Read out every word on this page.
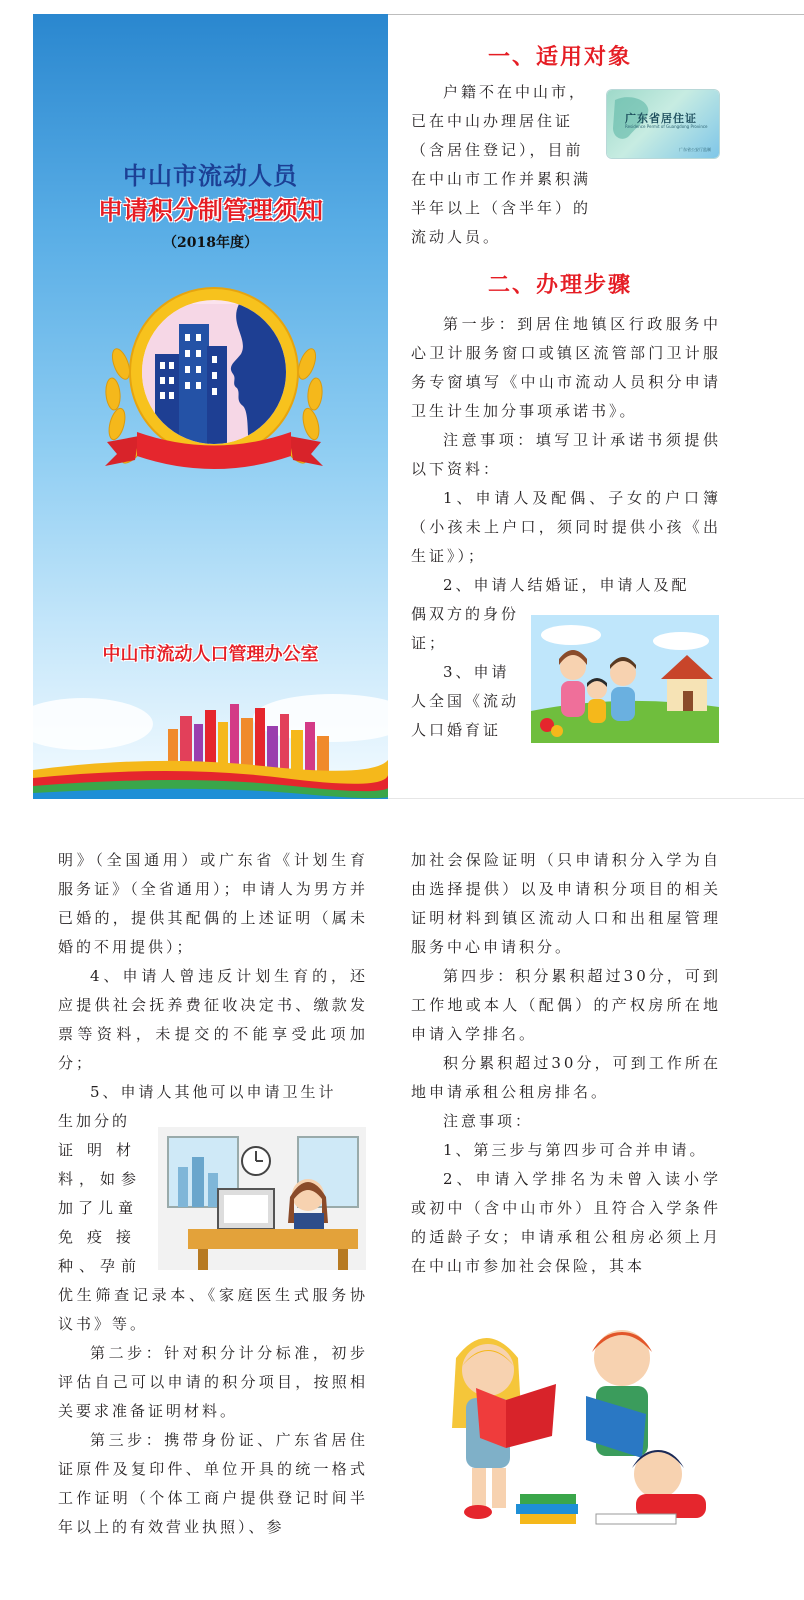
中山市流动人员
申请积分制管理须知
（2018年度）
中山市流动人口管理办公室
一、适用对象
户籍不在中山市，
已在中山办理居住证
（含居住登记），目前
在中山市工作并累积满
半年以上（含半年）的
流动人员。
广东省居住证
Residence Permit of Guangdong Province
广东省公安厅监制
二、办理步骤

第一步：到居住地镇区行政服务中心卫计服务窗口或镇区流管部门卫计服务专窗填写《中山市流动人员积分申请卫生计生加分事项承诺书》。

注意事项：填写卫计承诺书须提供以下资料：

1、申请人及配偶、子女的户口簿（小孩未上户口，须同时提供小孩《出生证》）；

2、申请人结婚证，申请人及配
偶双方的身份
证；
3、申请
人全国《流动
人口婚育证

明》（全国通用）或广东省《计划生育服务证》（全省通用）；申请人为男方并已婚的，提供其配偶的上述证明（属未婚的不用提供）；

4、申请人曾违反计划生育的，还应提供社会抚养费征收决定书、缴款发票等资料，未提交的不能享受此项加分；

5、申请人其他可以申请卫生计
生加分的
证明材
料，如参
加了儿童
免疫接
种、孕前

优生筛查记录本、《家庭医生式服务协议书》等。

第二步：针对积分计分标准，初步评估自己可以申请的积分项目，按照相关要求准备证明材料。

第三步：携带身份证、广东省居住证原件及复印件、单位开具的统一格式工作证明（个体工商户提供登记时间半年以上的有效营业执照）、参

加社会保险证明（只申请积分入学为自由选择提供）以及申请积分项目的相关证明材料到镇区流动人口和出租屋管理服务中心申请积分。

第四步：积分累积超过30分，可到工作地或本人（配偶）的产权房所在地申请入学排名。

积分累积超过30分，可到工作所在地申请承租公租房排名。

注意事项：

1、第三步与第四步可合并申请。

2、申请入学排名为未曾入读小学或初中（含中山市外）且符合入学条件的适龄子女；申请承租公租房必须上月在中山市参加社会保险，其本
